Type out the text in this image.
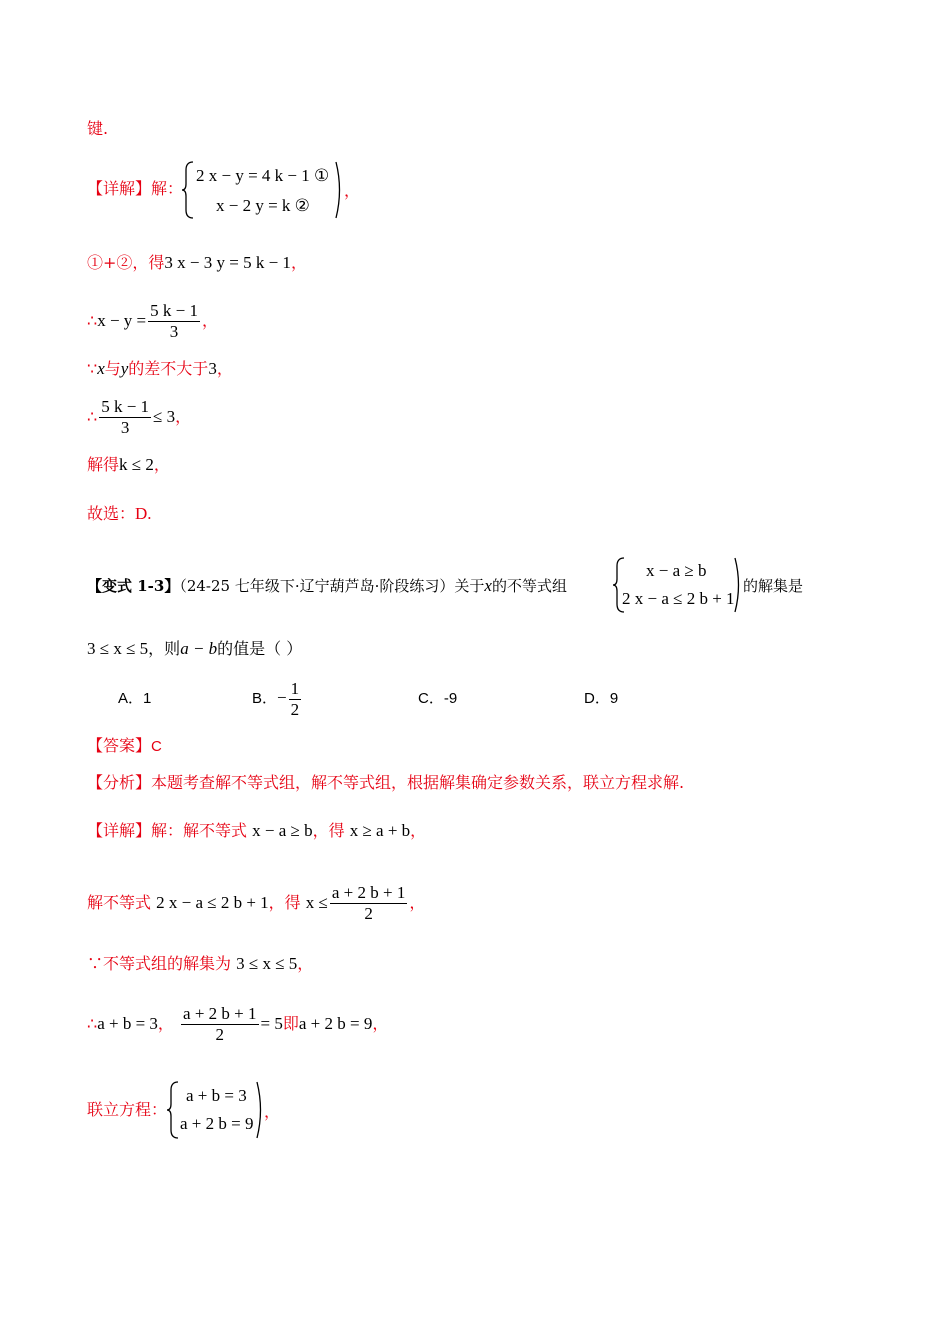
键.
【详解】解：
2 x − y = 4 k − 1 ①
x − 2 y = k ②
，
①+②，得3 x − 3 y = 5 k − 1，
∴x − $y = \frac{5 k - 1}{3}$ ，
∵x与y的差不大于3，
∴ $\frac{5 k - 1}{3} \le 3$，
解得k ≤ 2，
故选：D.
【变式 1-3】（24-25 七年级下·辽宁葫芦岛·阶段练习）关于x的不等式组
x − a ≥ b
2 x − a ≤ 2 b + 1
的解集是
3 ≤ x ≤ 5，则a − b的值是（ ）
A．1	B．− $\frac{1}{2}$	C．-9	D．9
【答案】C
【分析】本题考查解不等式组，解不等式组，根据解集确定参数关系，联立方程求解.
【详解】解：解不等式 x − a ≥ b，得 x ≥ a + b，
解不等式 2 x − a ≤ 2 b + 1，得 $x \le \frac{a + 2 b + 1}{2}$ ，
∵不等式组的解集为 3 ≤ x ≤ 5，
∴a + b = 3， $\frac{a + 2 b + 1}{2} = 5$即a + 2 b = 9，
联立方程：
a + b = 3
a + 2 b = 9
，
